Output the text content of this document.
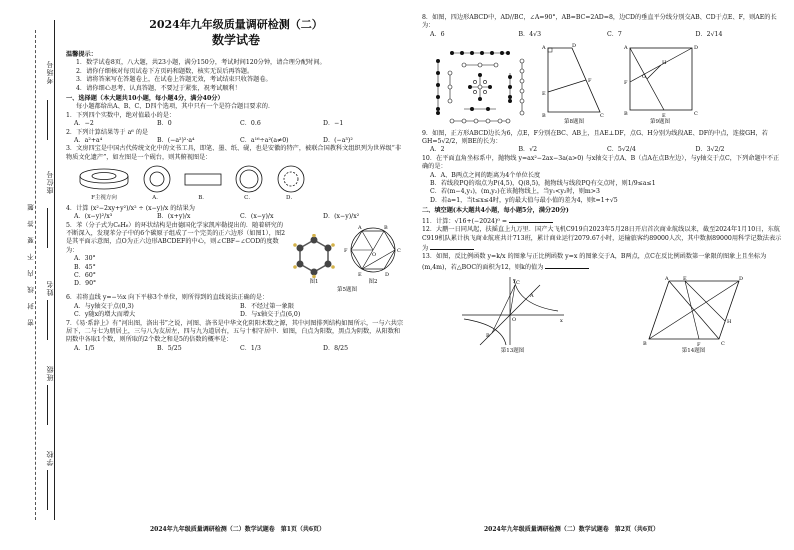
考场号
座位号
姓名
班级
学校
密 封 线 内 不 要 答 题
2024年九年级质量调研检测（二）
数学试卷
温馨提示：

1．数学试卷8页，八大题，共23小题，满分150分，考试时间120分钟，请合理分配时间。

2．请你仔细核对每页试卷下方页码和题数，核实无误后再答题。

3．请将答案写在答题卷上，在试卷上答题无效，考试结束只收答题卷。

4．请你细心思考、认真答题，不要过于紧张，祝考试顺利！

一、选择题（本大题共10小题，每小题4分，满分40分）
每小题都给出A、B、C、D四个选项，其中只有一个是符合题目要求的．
1．下列四个实数中，绝对值最小的是：
A．−2	B．0	C．0.6	D．−1
2．下列计算结果等于 a⁶ 的是
A．a²+a⁴	B．(−a²)²·a⁴	C．a¹⁶÷a²(a≠0)	D．(−a³)²
3．文房四宝是中国古代传统文化中的文书工具，即笔、墨、纸、砚，也是安徽的特产，被联合国教科文组织列为世界级“非物质文化遗产”，如左图是一个砚台，则其俯视图是：
F主视方向	A．	B．	C．	D．
4．计算 (x²−2xy+y²)/x² ÷ (x−y)/x 的结果为
A．(x−y)²/x³	B．(x+y)/x	C．(x−y)/x	D．(x−y)/x²
5．苯（分子式为C₆H₆）的环状结构是由德国化学家凯库勒提出的．随着研究的不断深入，发现苯分子中的6个碳原子组成了一个完美的正六边形（如图1），图2是其平面示意图，点O为正六边形ABCDEF的中心，则∠CBF−∠COD的度数为：
A．30°
B．45°
C．60°
D．90°	图1
A	B
C
D
E
F
O
图2
第5题图
6．若将直线 y=−⅓x 向下平移3个单位，则所得到的直线说法正确的是：
A．与y轴交于点(0,3)	B．不经过第一象限
C．y随x的增大而增大	D．与x轴交于点(6,0)
7．《易·系辞上》有“河出图，洛出书”之说，河图、洛书是中华文化阴阳术数之源，其中河图排列结构如图所示，一与六共宗居下，二与七为朋居上，三与八为友居左，四与九为道居右，五与十相守居中．如图，白点为阳数，黑点为阴数，从阳数和阴数中各取1个数，则所取的2个数之和是5的倍数的概率是：
A．1/5	B．5/25	C．1/3	D．8/25
8．如图，四边形ABCD中，AD//BC，∠A=90°，AB=BC=2AD=8，边CD的垂直平分线分别交AB、CD于点E、F，则AE的长为：
A．6	B．4√3	C．7	D．2√14
A	D
E
F
B	C
第8题图
A	D
B	C
E
F
G
H
第9题图
9．如图，正方形ABCD边长为6，点E，F分别在BC、AB上，且AE⊥DF，点G、H分别为线段AE、DF的中点，连接GH，若GH=5√2/2，则BE的长为：
A．2	B．√2	C．5√2/4	D．3√2/2
10．在平面直角坐标系中，抛物线 y=ax²−2ax−3a(a>0) 与x轴交于点A、B（点A在点B左边），与y轴交于点C，下列命题中不正确的是：
A．A、B两点之间的距离为4个单位长度
B．若线段PQ的端点为P(4,5)，Q(8,5)，抛物线与线段PQ有交点时，则1/9≤a≤1
C．若(m−4,y₁)，(m,y₂)在该抛物线上，当y₁<y₂时，则m>3
D．若a=1，当t≤x≤4时，y的最大值与最小值的差为4，则t=1+√5
二、填空题(本大题共4小题，每小题5分，满分20分)
11．计算：√16+(−2024)⁰ =
12．大鹏一日同风起，扶摇直上九万里．国产大飞机C919自2023年5月28日开启首次商业航线以来，截至2024年1月10日，东航C919机队累计执飞商业航班共计713班，累计商业运行2079.67小时，运输旅客约89000人次，其中数据89000用科学记数法表示为
13．如图，反比例函数 y=k/x 的图象与正比例函数 y=x 的图象交于A，B两点，点C在反比例函数第一象限的图象上且坐标为(m,4m)，若△BOC的面积为12，则k的值为
C
A
B
O	x
y
第13题图
A	E	D
H
B	F	C
第14题图
2024年九年级质量调研检测（二）数学试题卷　第1页（共6页）	2024年九年级质量调研检测（二）数学试题卷　第2页（共6页）
